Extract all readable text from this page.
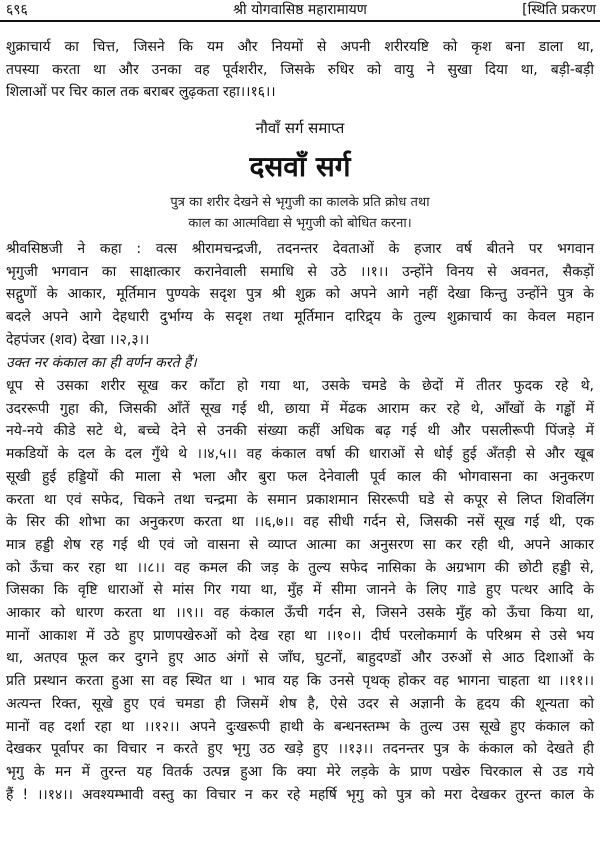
६९६	श्री योगवासिष्ठ महारामायण	[स्थिति प्रकरण
शुक्राचार्य का चित्त, जिसने कि यम और नियमों से अपनी शरीरयष्टि को कृश बना डाला था,
तपस्या करता था और उनका वह पूर्वशरीर, जिसके रुधिर को वायु ने सुखा दिया था, बड़ी-बड़ी
शिलाओं पर चिर काल तक बराबर लुढ़कता रहा।।१६।।
नौवाँ सर्ग समाप्त
दसवाँ सर्ग
पुत्र का शरीर देखने से भृगुजी का कालके प्रति क्रोध तथा
काल का आत्मविद्या से भृगुजी को बोधित करना।
श्रीवसिष्ठजी ने कहा : वत्स श्रीरामचन्द्रजी, तदनन्तर देवताओं के हजार वर्ष बीतने पर भगवान
भृगुजी भगवान का साक्षात्कार करानेवाली समाधि से उठे ।।१।। उन्होंने विनय से अवनत, सैकड़ों
सद्गुणों के आकार, मूर्तिमान पुण्यके सदृश पुत्र श्री शुक्र को अपने आगे नहीं देखा किन्तु उन्होंने पुत्र के
बदले अपने आगे देहधारी दुर्भाग्य के सदृश तथा मूर्तिमान दारिद्र्य के तुल्य शुक्राचार्य का केवल महान
देहपंजर (शव) देखा ।।२,३।।
उक्त नर कंकाल का ही वर्णन करते हैं।
धूप से उसका शरीर सूख कर काँटा हो गया था, उसके चमडे के छेदों में तीतर फुदक रहे थे,
उदररूपी गुहा की, जिसकी आँतें सूख गई थी, छाया में मेंढक आराम कर रहे थे, आँखों के गड्ढों में
नये-नये कीडे सटे थे, बच्चे देने से उनकी संख्या कहीं अधिक बढ़ गई थी और पसलीरूपी पिंजड़े में
मकडियों के दल के दल गुँथे थे ।।४,५।। वह कंकाल वर्षा की धाराओं से धोई हुई अँतड़ी से और खूब
सूखी हुई हड्डियों की माला से भला और बुरा फल देनेवाली पूर्व काल की भोगवासना का अनुकरण
करता था एवं सफेद, चिकने तथा चन्द्रमा के समान प्रकाशमान सिररूपी घडे से कपूर से लिप्त शिवलिंग
के सिर की शोभा का अनुकरण करता था ।।६,७।। वह सीधी गर्दन से, जिसकी नसें सूख गई थी, एक
मात्र हड्डी शेष रह गई थी एवं जो वासना से व्याप्त आत्मा का अनुसरण सा कर रही थी, अपने आकार
को ऊँचा कर रहा था ।।८।। वह कमल की जड़ के तुल्य सफेद नासिका के अग्रभाग की छोटी हड्डी से,
जिसका कि वृष्टि धाराओं से मांस गिर गया था, मुँह में सीमा जानने के लिए गाडे हुए पत्थर आदि के
आकार को धारण करता था ।।९।। वह कंकाल ऊँची गर्दन से, जिसने उसके मुँह को ऊँचा किया था,
मानों आकाश में उठे हुए प्राणपखेरुओं को देख रहा था ।।१०।। दीर्घ परलोकमार्ग के परिश्रम से उसे भय
था, अतएव फूल कर दुगने हुए आठ अंगों से जाँघ, घुटनों, बाहुदण्डों और उरुओं से आठ दिशाओं के
प्रति प्रस्थान करता हुआ सा वह स्थित था । भाव यह कि उनसे पृथक् होकर वह भागना चाहता था ।।११।।
अत्यन्त रिक्त, सूखे हुए एवं चमडा ही जिसमें शेष है, ऐसे उदर से अज्ञानी के हृदय की शून्यता को
मानों वह दर्शा रहा था ।।१२।। अपने दुःखरूपी हाथी के बन्धनस्तम्भ के तुल्य उस सूखे हुए कंकाल को
देखकर पूर्वापर का विचार न करते हुए भृगु उठ खड़े हुए ।।१३।। तदनन्तर पुत्र के कंकाल को देखते ही
भृगु के मन में तुरन्त यह वितर्क उत्पन्न हुआ कि क्या मेरे लड़के के प्राण पखेरु चिरकाल से उड गये
हैं ! ।।१४।। अवश्यम्भावी वस्तु का विचार न कर रहे महर्षि भृगु को पुत्र को मरा देखकर तुरन्त काल के
